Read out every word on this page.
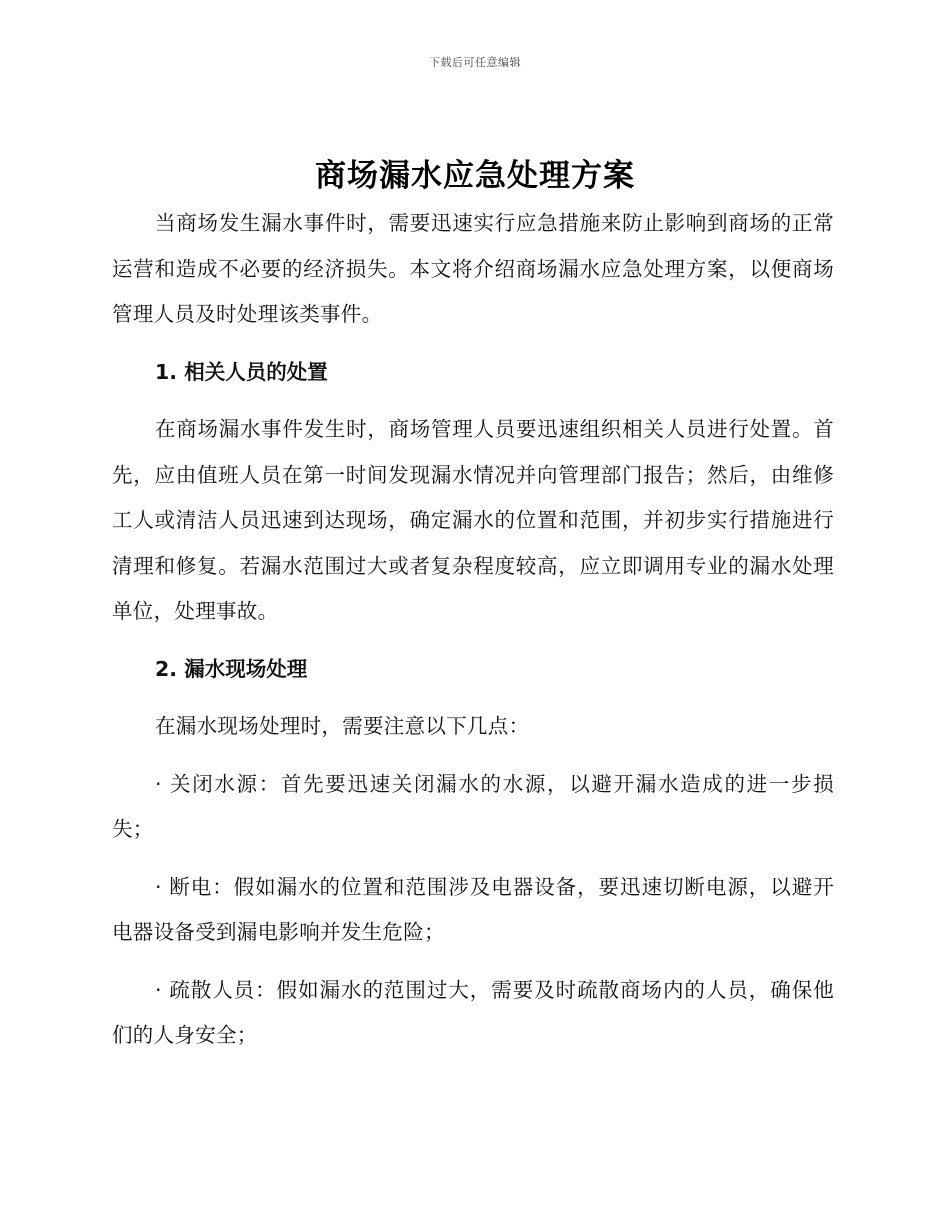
下载后可任意编辑
商场漏水应急处理方案

当商场发生漏水事件时，需要迅速实行应急措施来防止影响到商场的正常运营和造成不必要的经济损失。本文将介绍商场漏水应急处理方案，以便商场管理人员及时处理该类事件。

1. 相关人员的处置

在商场漏水事件发生时，商场管理人员要迅速组织相关人员进行处置。首先，应由值班人员在第一时间发现漏水情况并向管理部门报告；然后，由维修工人或清洁人员迅速到达现场，确定漏水的位置和范围，并初步实行措施进行清理和修复。若漏水范围过大或者复杂程度较高，应立即调用专业的漏水处理单位，处理事故。

2. 漏水现场处理

在漏水现场处理时，需要注意以下几点：

· 关闭水源：首先要迅速关闭漏水的水源，以避开漏水造成的进一步损失；

· 断电：假如漏水的位置和范围涉及电器设备，要迅速切断电源，以避开电器设备受到漏电影响并发生危险；

· 疏散人员：假如漏水的范围过大，需要及时疏散商场内的人员，确保他们的人身安全；
